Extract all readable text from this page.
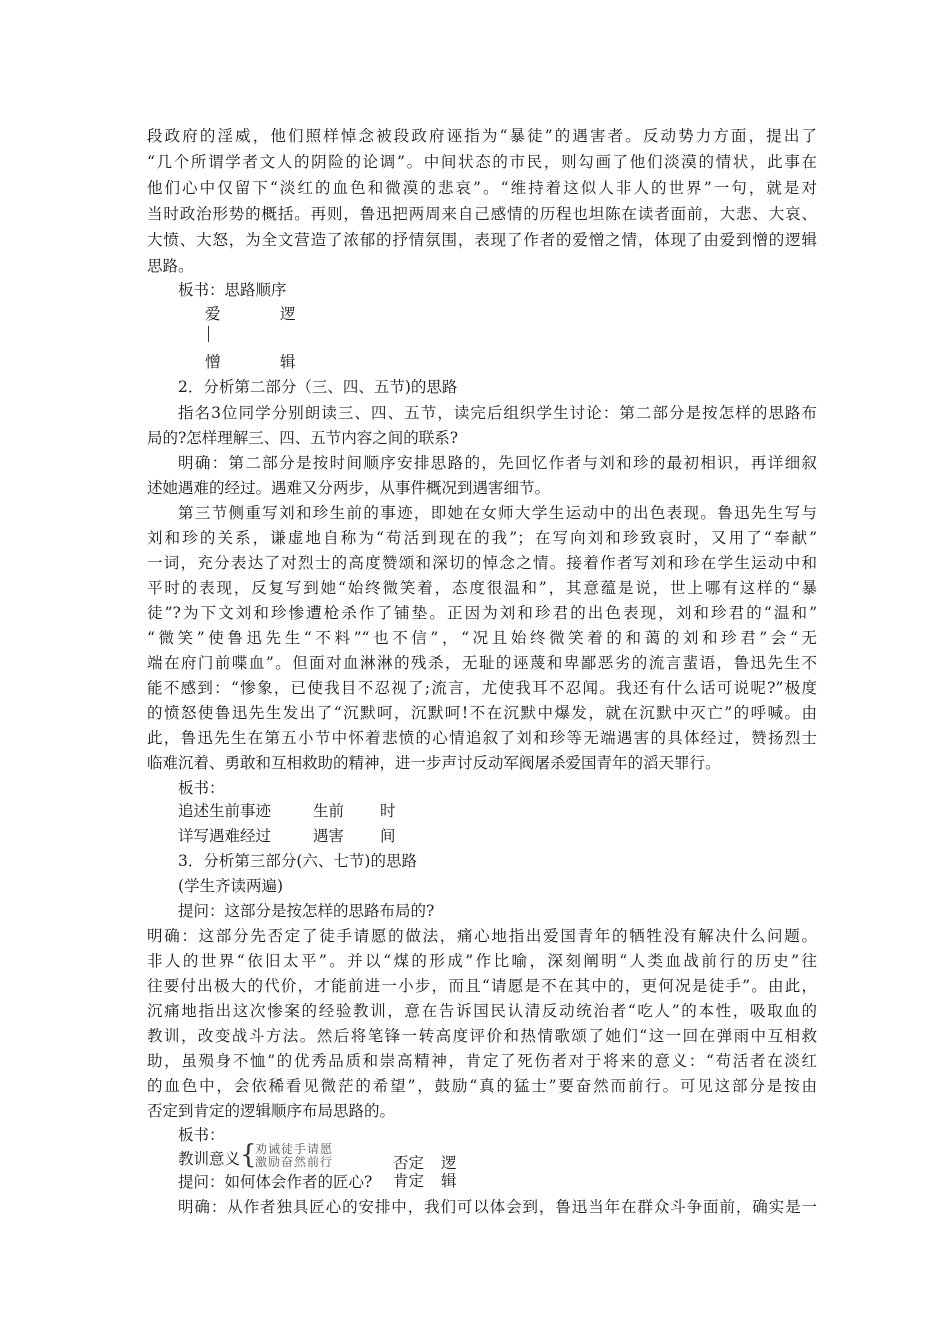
段政府的淫威，他们照样悼念被段政府诬指为“暴徒”的遇害者。反动势力方面，提出了
“几个所谓学者文人的阴险的论调”。中间状态的市民，则勾画了他们淡漠的情状，此事在
他们心中仅留下“淡红的血色和微漠的悲哀”。“维持着这似人非人的世界”一句，就是对
当时政治形势的概括。再则，鲁迅把两周来自己感情的历程也坦陈在读者面前，大悲、大哀、
大愤、大怒，为全文营造了浓郁的抒情氛围，表现了作者的爱憎之情，体现了由爱到憎的逻辑
思路。
板书：思路顺序
爱	逻
憎	辑
2．分析第二部分（三、四、五节)的思路
指名3位同学分别朗读三、四、五节，读完后组织学生讨论：第二部分是按怎样的思路布
局的?怎样理解三、四、五节内容之间的联系?
明确：第二部分是按时间顺序安排思路的，先回忆作者与刘和珍的最初相识，再详细叙
述她遇难的经过。遇难又分两步，从事件概况到遇害细节。
第三节侧重写刘和珍生前的事迹，即她在女师大学生运动中的出色表现。鲁迅先生写与
刘和珍的关系，谦虚地自称为“苟活到现在的我”；在写向刘和珍致哀时，又用了“奉献”
一词，充分表达了对烈士的高度赞颂和深切的悼念之情。接着作者写刘和珍在学生运动中和
平时的表现，反复写到她“始终微笑着，态度很温和”，其意蕴是说，世上哪有这样的“暴
徒”?为下文刘和珍惨遭枪杀作了铺垫。正因为刘和珍君的出色表现，刘和珍君的“温和”
“微笑”使鲁迅先生“不料”“也不信”，“况且始终微笑着的和蔼的刘和珍君”会“无
端在府门前喋血”。但面对血淋淋的残杀，无耻的诬蔑和卑鄙恶劣的流言蜚语，鲁迅先生不
能不感到：“惨象，已使我目不忍视了;流言，尤使我耳不忍闻。我还有什么话可说呢?”极度
的愤怒使鲁迅先生发出了“沉默呵，沉默呵!不在沉默中爆发，就在沉默中灭亡”的呼喊。由
此，鲁迅先生在第五小节中怀着悲愤的心情追叙了刘和珍等无端遇害的具体经过，赞扬烈士
临难沉着、勇敢和互相救助的精神，进一步声讨反动军阀屠杀爱国青年的滔天罪行。
板书：
追述生前事迹	生前 时
详写遇难经过	遇害 间
3．分析第三部分(六、七节)的思路
(学生齐读两遍)
提问：这部分是按怎样的思路布局的?
明确：这部分先否定了徒手请愿的做法，痛心地指出爱国青年的牺牲没有解决什么问题。
非人的世界“依旧太平”。并以“煤的形成”作比喻，深刻阐明“人类血战前行的历史”往
往要付出极大的代价，才能前进一小步，而且“请愿是不在其中的，更何况是徒手”。由此，
沉痛地指出这次惨案的经验教训，意在告诉国民认清反动统治者“吃人”的本性，吸取血的
教训，改变战斗方法。然后将笔锋一转高度评价和热情歌颂了她们“这一回在弹雨中互相救
助，虽殒身不恤”的优秀品质和崇高精神，肯定了死伤者对于将来的意义：“苟活者在淡红
的血色中，会依稀看见微茫的希望”，鼓励“真的猛士”要奋然而前行。可见这部分是按由
否定到肯定的逻辑顺序布局思路的。
板书：
教训意义 {
劝诫徒手请愿
激励奋然前行	否定 逻
肯定 辑
提问：如何体会作者的匠心?
明确：从作者独具匠心的安排中，我们可以体会到，鲁迅当年在群众斗争面前，确实是一
